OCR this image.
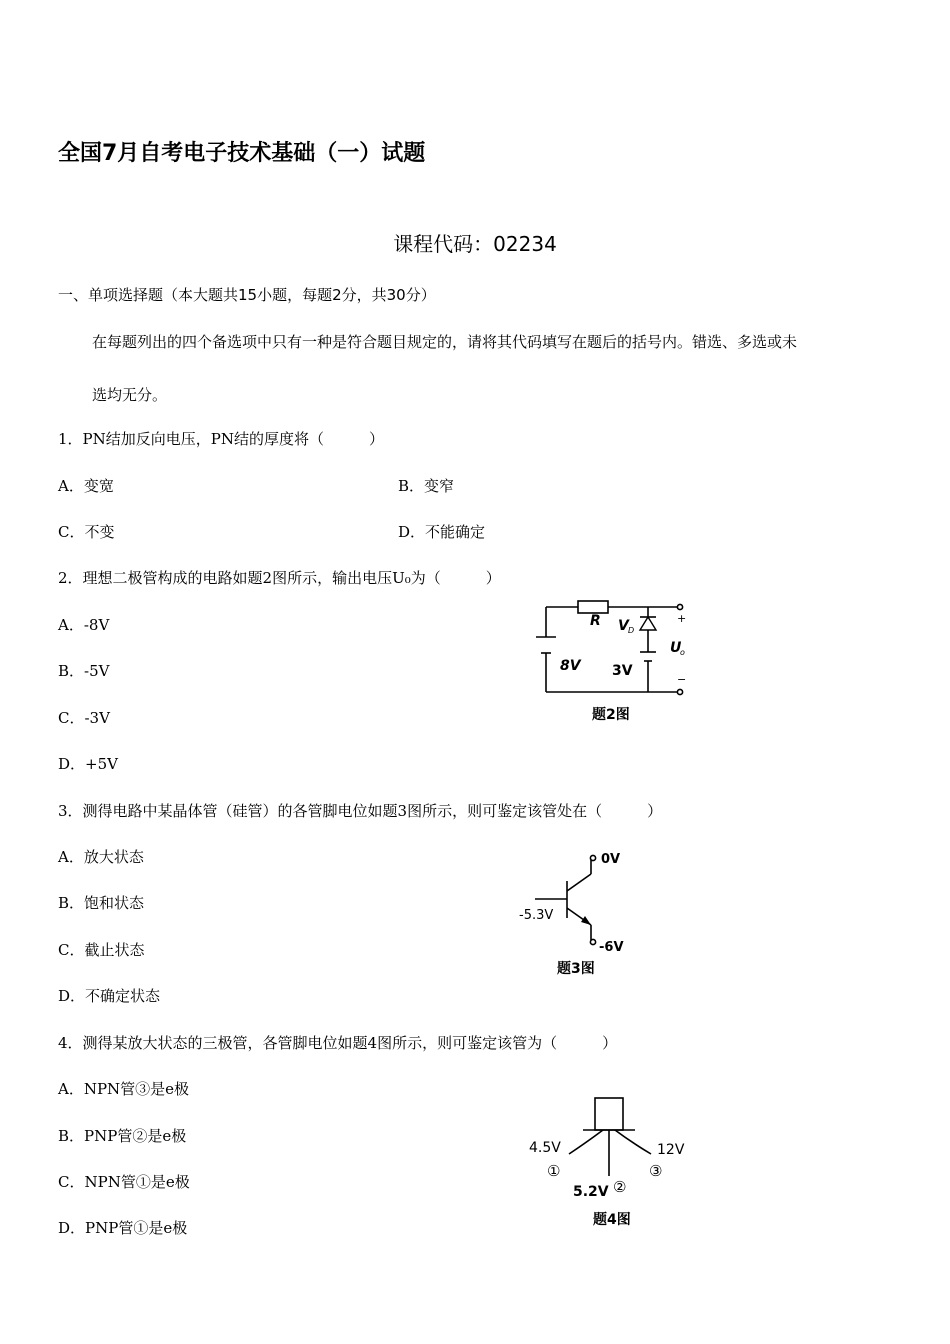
全国7月自考电子技术基础（一）试题
课程代码：02234
一、单项选择题（本大题共15小题，每题2分，共30分）
在每题列出的四个备选项中只有一种是符合题目规定的，请将其代码填写在题后的括号内。错选、多选或未
选均无分。
1．PN结加反向电压，PN结的厚度将（　　　）
A．变宽	B．变窄
C．不变	D．不能确定
2．理想二极管构成的电路如题2图所示，输出电压U₀为（　　　）
A．-8V
B．-5V
C．-3V
D．+5V
R V D
8V 3V
U
o
+
−
题2图
3．测得电路中某晶体管（硅管）的各管脚电位如题3图所示，则可鉴定该管处在（　　　）
A．放大状态
B．饱和状态
C．截止状态
D．不确定状态
0V
-5.3V
-6V
题3图
4．测得某放大状态的三极管，各管脚电位如题4图所示，则可鉴定该管为（　　　）
A．NPN管③是e极
B．PNP管②是e极
C．NPN管①是e极
D．PNP管①是e极
4.5V
①
5.2V ②
12V
③
题4图
